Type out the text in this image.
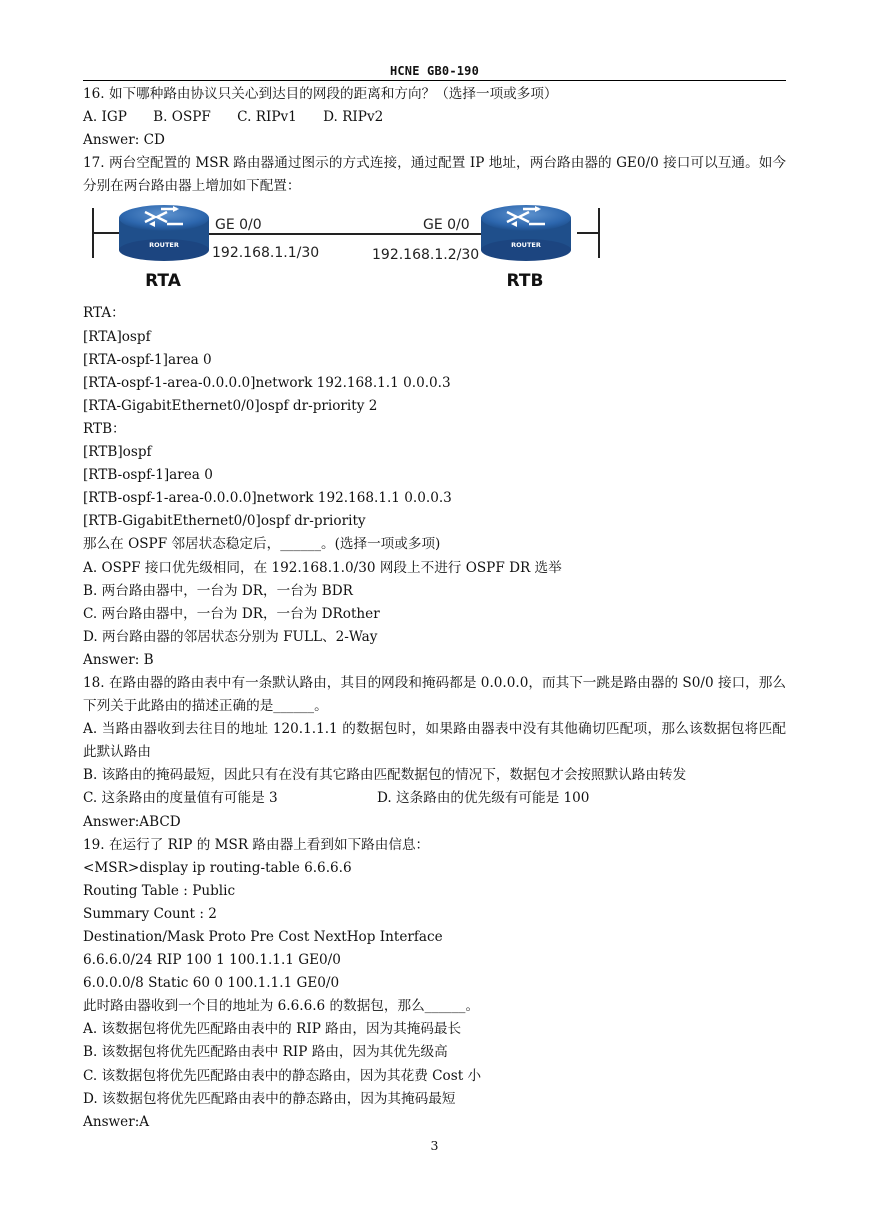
HCNE GB0-190
16. 如下哪种路由协议只关心到达目的网段的距离和方向？（选择一项或多项）
A. IGP B. OSPF C. RIPv1 D. RIPv2
Answer: CD
17. 两台空配置的 MSR 路由器通过图示的方式连接，通过配置 IP 地址，两台路由器的 GE0/0 接口可以互通。如今分别在两台路由器上增加如下配置：
ROUTER
RTA
ROUTER
RTB
GE 0/0
192.168.1.1/30
GE 0/0
192.168.1.2/30
RTA：
[RTA]ospf
[RTA-ospf-1]area 0
[RTA-ospf-1-area-0.0.0.0]network 192.168.1.1 0.0.0.3
[RTA-GigabitEthernet0/0]ospf dr-priority 2
RTB：
[RTB]ospf
[RTB-ospf-1]area 0
[RTB-ospf-1-area-0.0.0.0]network 192.168.1.1 0.0.0.3
[RTB-GigabitEthernet0/0]ospf dr-priority
那么在 OSPF 邻居状态稳定后，______。(选择一项或多项)
A. OSPF 接口优先级相同，在 192.168.1.0/30 网段上不进行 OSPF DR 选举
B. 两台路由器中，一台为 DR，一台为 BDR
C. 两台路由器中，一台为 DR，一台为 DRother
D. 两台路由器的邻居状态分别为 FULL、2-Way
Answer: B
18. 在路由器的路由表中有一条默认路由，其目的网段和掩码都是 0.0.0.0，而其下一跳是路由器的 S0/0 接口，那么下列关于此路由的描述正确的是______。
A. 当路由器收到去往目的地址 120.1.1.1 的数据包时，如果路由器表中没有其他确切匹配项，那么该数据包将匹配此默认路由
B. 该路由的掩码最短，因此只有在没有其它路由匹配数据包的情况下，数据包才会按照默认路由转发
C. 这条路由的度量值有可能是 3	D. 这条路由的优先级有可能是 100
Answer:ABCD
19. 在运行了 RIP 的 MSR 路由器上看到如下路由信息：
<MSR>display ip routing-table 6.6.6.6
Routing Table : Public
Summary Count : 2
Destination/Mask Proto Pre Cost NextHop Interface
6.6.6.0/24 RIP 100 1 100.1.1.1 GE0/0
6.0.0.0/8 Static 60 0 100.1.1.1 GE0/0
此时路由器收到一个目的地址为 6.6.6.6 的数据包，那么______。
A. 该数据包将优先匹配路由表中的 RIP 路由，因为其掩码最长
B. 该数据包将优先匹配路由表中 RIP 路由，因为其优先级高
C. 该数据包将优先匹配路由表中的静态路由，因为其花费 Cost 小
D. 该数据包将优先匹配路由表中的静态路由，因为其掩码最短
Answer:A
3
